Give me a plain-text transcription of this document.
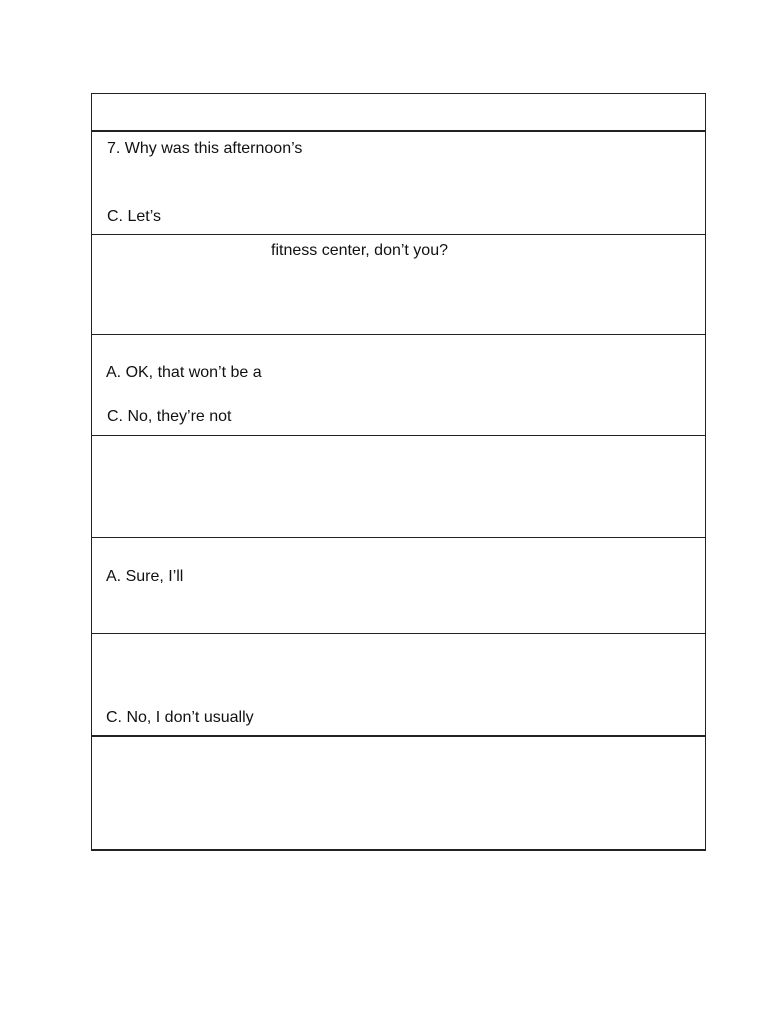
7. Why was this afternoon’s
C. Let’s
fitness center, don’t you?
A. OK, that won’t be a
C. No, they’re not
A. Sure, I’ll
C. No, I don’t usually
